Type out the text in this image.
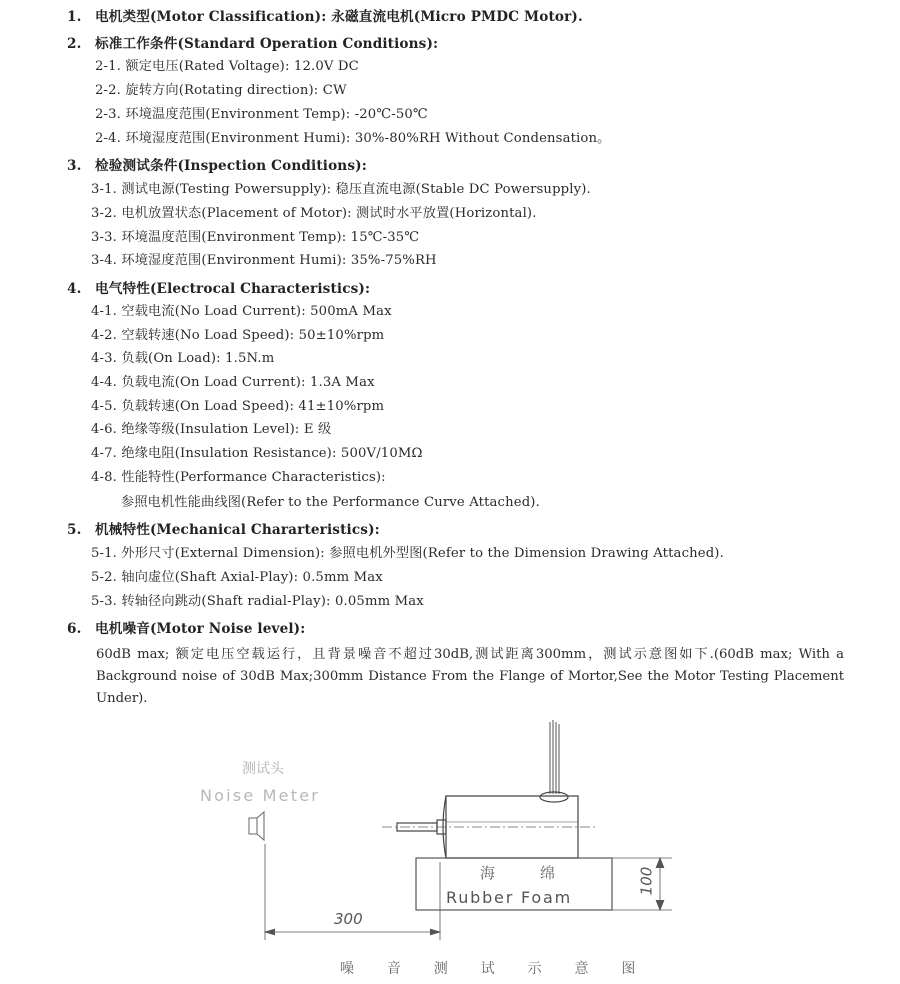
1. 电机类型(Motor Classification): 永磁直流电机(Micro PMDC Motor).
2. 标准工作条件(Standard Operation Conditions):
2-1. 额定电压(Rated Voltage): 12.0V DC
2-2. 旋转方向(Rotating direction): CW
2-3. 环境温度范围(Environment Temp): -20℃-50℃
2-4. 环境湿度范围(Environment Humi): 30%-80%RH Without Condensation。
3. 检验测试条件(Inspection Conditions):
3-1. 测试电源(Testing Powersupply): 稳压直流电源(Stable DC Powersupply).
3-2. 电机放置状态(Placement of Motor): 测试时水平放置(Horizontal).
3-3. 环境温度范围(Environment Temp): 15℃-35℃
3-4. 环境湿度范围(Environment Humi): 35%-75%RH
4. 电气特性(Electrocal Characteristics):
4-1. 空载电流(No Load Current): 500mA Max
4-2. 空载转速(No Load Speed): 50±10%rpm
4-3. 负载(On Load): 1.5N.m
4-4. 负载电流(On Load Current): 1.3A Max
4-5. 负载转速(On Load Speed): 41±10%rpm
4-6. 绝缘等级(Insulation Level): E 级
4-7. 绝缘电阻(Insulation Resistance): 500V/10MΩ
4-8. 性能特性(Performance Characteristics):
参照电机性能曲线图(Refer to the Performance Curve Attached).
5. 机械特性(Mechanical Chararteristics):
5-1. 外形尺寸(External Dimension): 参照电机外型图(Refer to the Dimension Drawing Attached).
5-2. 轴向虚位(Shaft Axial-Play): 0.5mm Max
5-3. 转轴径向跳动(Shaft radial-Play): 0.05mm Max
6. 电机噪音(Motor Noise level):
60dB max; 额定电压空载运行，且背景噪音不超过30dB,测试距离300mm，测试示意图如下.(60dB max; With a Background noise of 30dB Max;300mm Distance From the Flange of Mortor,See the Motor Testing Placement Under).
测试头
Noise Meter
海	绵
Rubber Foam
100
300
噪  音  测  试  示  意  图
